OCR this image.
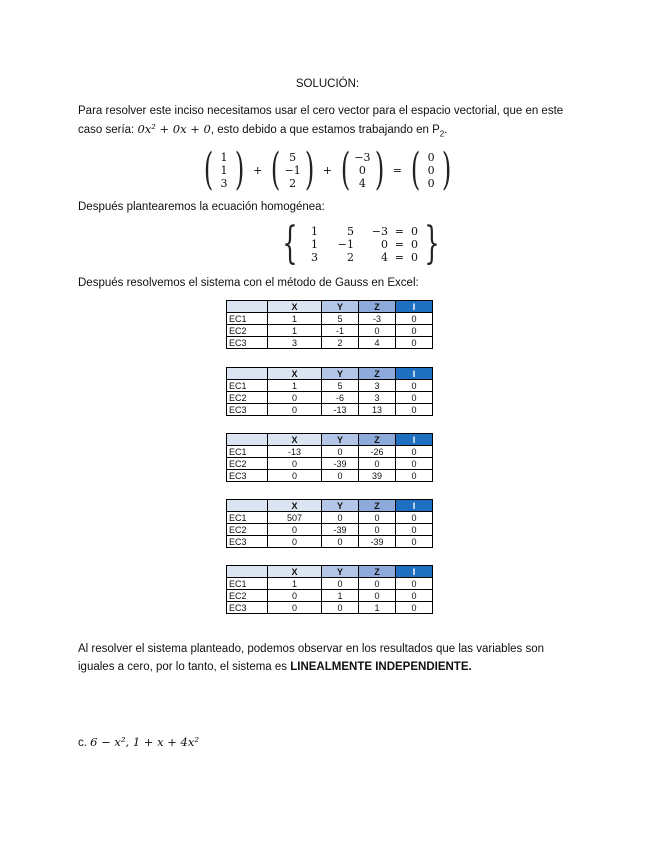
SOLUCIÓN:
Para resolver este inciso necesitamos usar el cero vector para el espacio vectorial, que en este
caso sería: 0x² + 0x + 0, esto debido a que estamos trabajando en $P_2$.
( 1
1
3 ) + ( 5
−1
2 ) + ( −3
0
4 ) = ( 0
0
0 )
Después plantearemos la ecuación homogénea:
{	1	5	−3 = 0
1	−1	0 = 0
3	2	4 = 0 }
Después resolvemos el sistema con el método de Gauss en Excel:
	X	Y	Z	I
EC1	1	5	-3	0
EC2	1	-1	0	0
EC3	3	2	4	0
	X	Y	Z	I
EC1	1	5	3	0
EC2	0	-6	3	0
EC3	0	-13	13	0
	X	Y	Z	I
EC1	-13	0	-26	0
EC2	0	-39	0	0
EC3	0	0	39	0
	X	Y	Z	I
EC1	507	0	0	0
EC2	0	-39	0	0
EC3	0	0	-39	0
	X	Y	Z	I
EC1	1	0	0	0
EC2	0	1	0	0
EC3	0	0	1	0
Al resolver el sistema planteado, podemos observar en los resultados que las variables son
iguales a cero, por lo tanto, el sistema es LINEALMENTE INDEPENDIENTE.
c. 6 − x², 1 + x + 4x²
